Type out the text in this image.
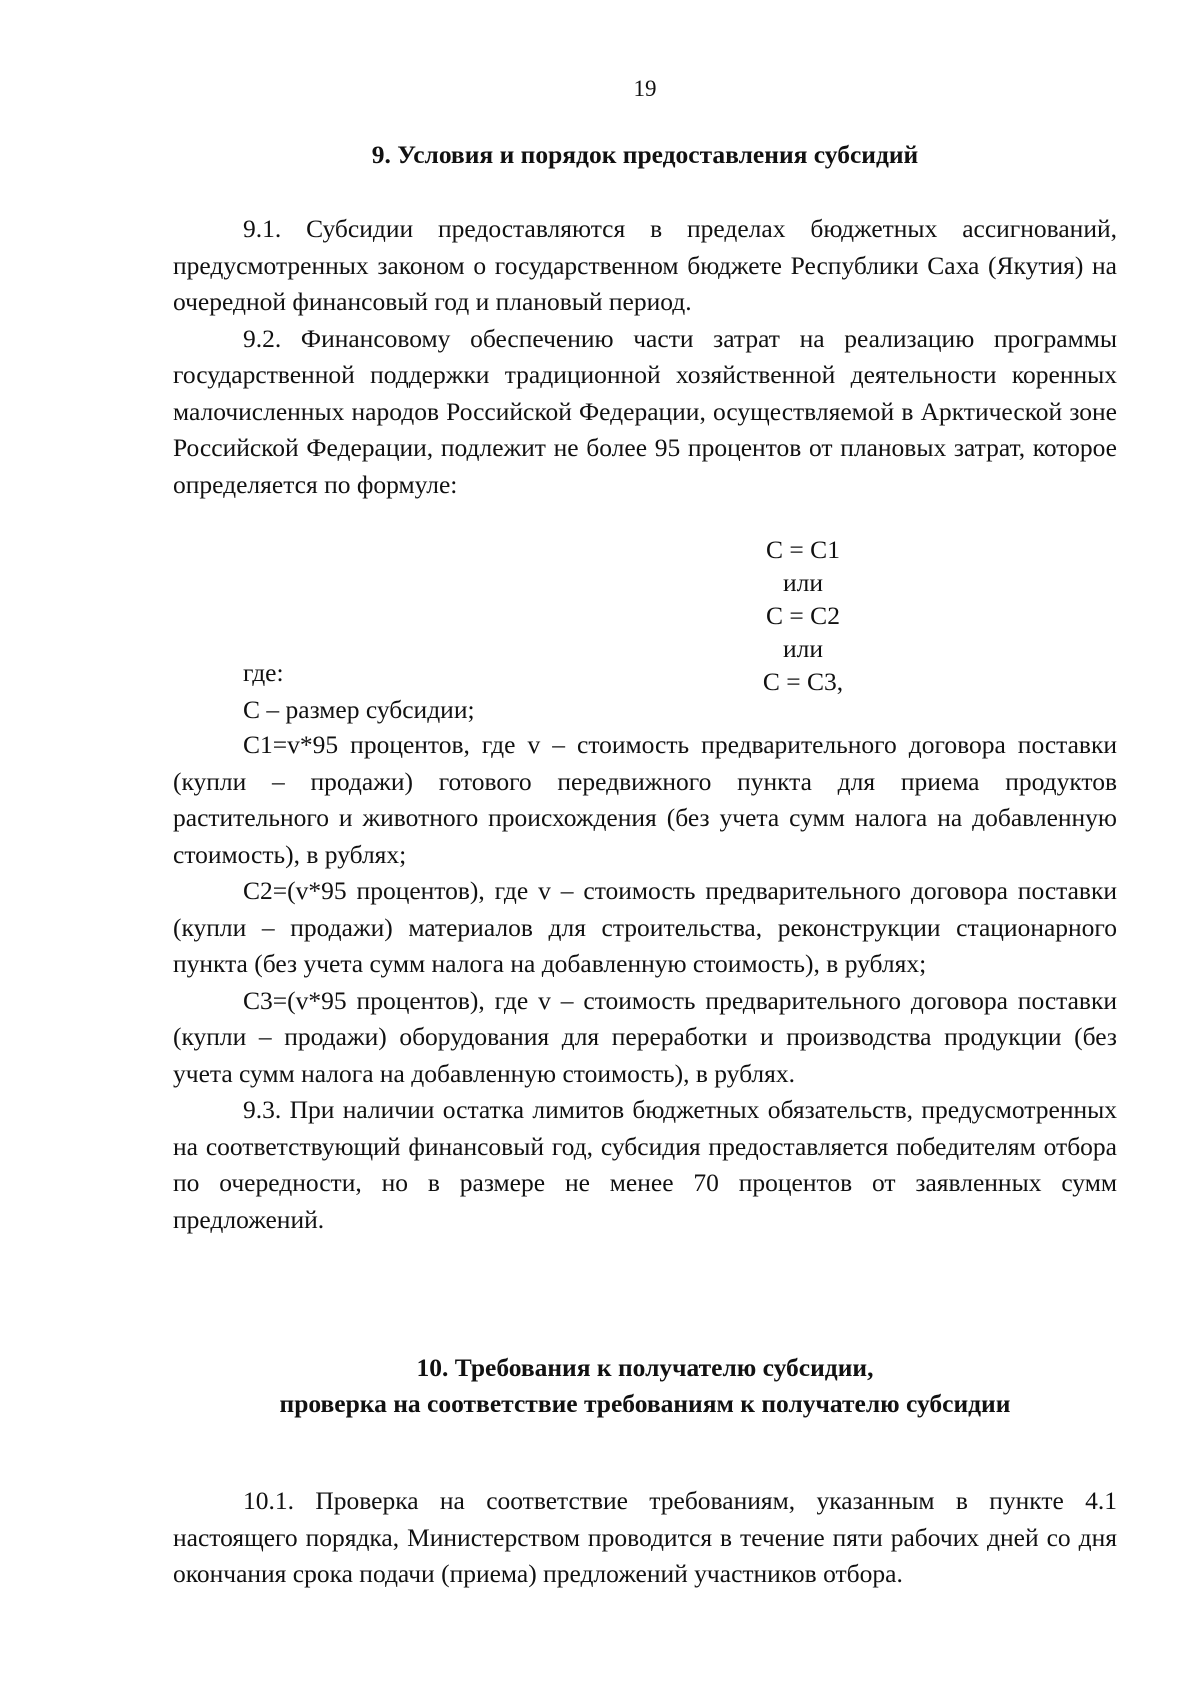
19
9. Условия и порядок предоставления субсидий

9.1. Субсидии предоставляются в пределах бюджетных ассигнований, предусмотренных законом о государственном бюджете Республики Саха (Якутия) на очередной финансовый год и плановый период.

9.2. Финансовому обеспечению части затрат на реализацию программы государственной поддержки традиционной хозяйственной деятельности коренных малочисленных народов Российской Федерации, осуществляемой в Арктической зоне Российской Федерации, подлежит не более 95 процентов от плановых затрат, которое определяется по формуле:

C = C1
или
C = C2
или
C = C3,

где:

C – размер субсидии;

C1=v*95 процентов, где v – стоимость предварительного договора поставки (купли – продажи) готового передвижного пункта для приема продуктов растительного и животного происхождения (без учета сумм налога на добавленную стоимость), в рублях;

C2=(v*95 процентов), где v – стоимость предварительного договора поставки (купли – продажи) материалов для строительства, реконструкции стационарного пункта (без учета сумм налога на добавленную стоимость), в рублях;

C3=(v*95 процентов), где v – стоимость предварительного договора поставки (купли – продажи) оборудования для переработки и производства продукции (без учета сумм налога на добавленную стоимость), в рублях.

9.3. При наличии остатка лимитов бюджетных обязательств, предусмотренных на соответствующий финансовый год, субсидия предоставляется победителям отбора по очередности, но в размере не менее 70 процентов от заявленных сумм предложений.

10. Требования к получателю субсидии,
проверка на соответствие требованиям к получателю субсидии

10.1. Проверка на соответствие требованиям, указанным в пункте 4.1 настоящего порядка, Министерством проводится в течение пяти рабочих дней со дня окончания срока подачи (приема) предложений участников отбора.
